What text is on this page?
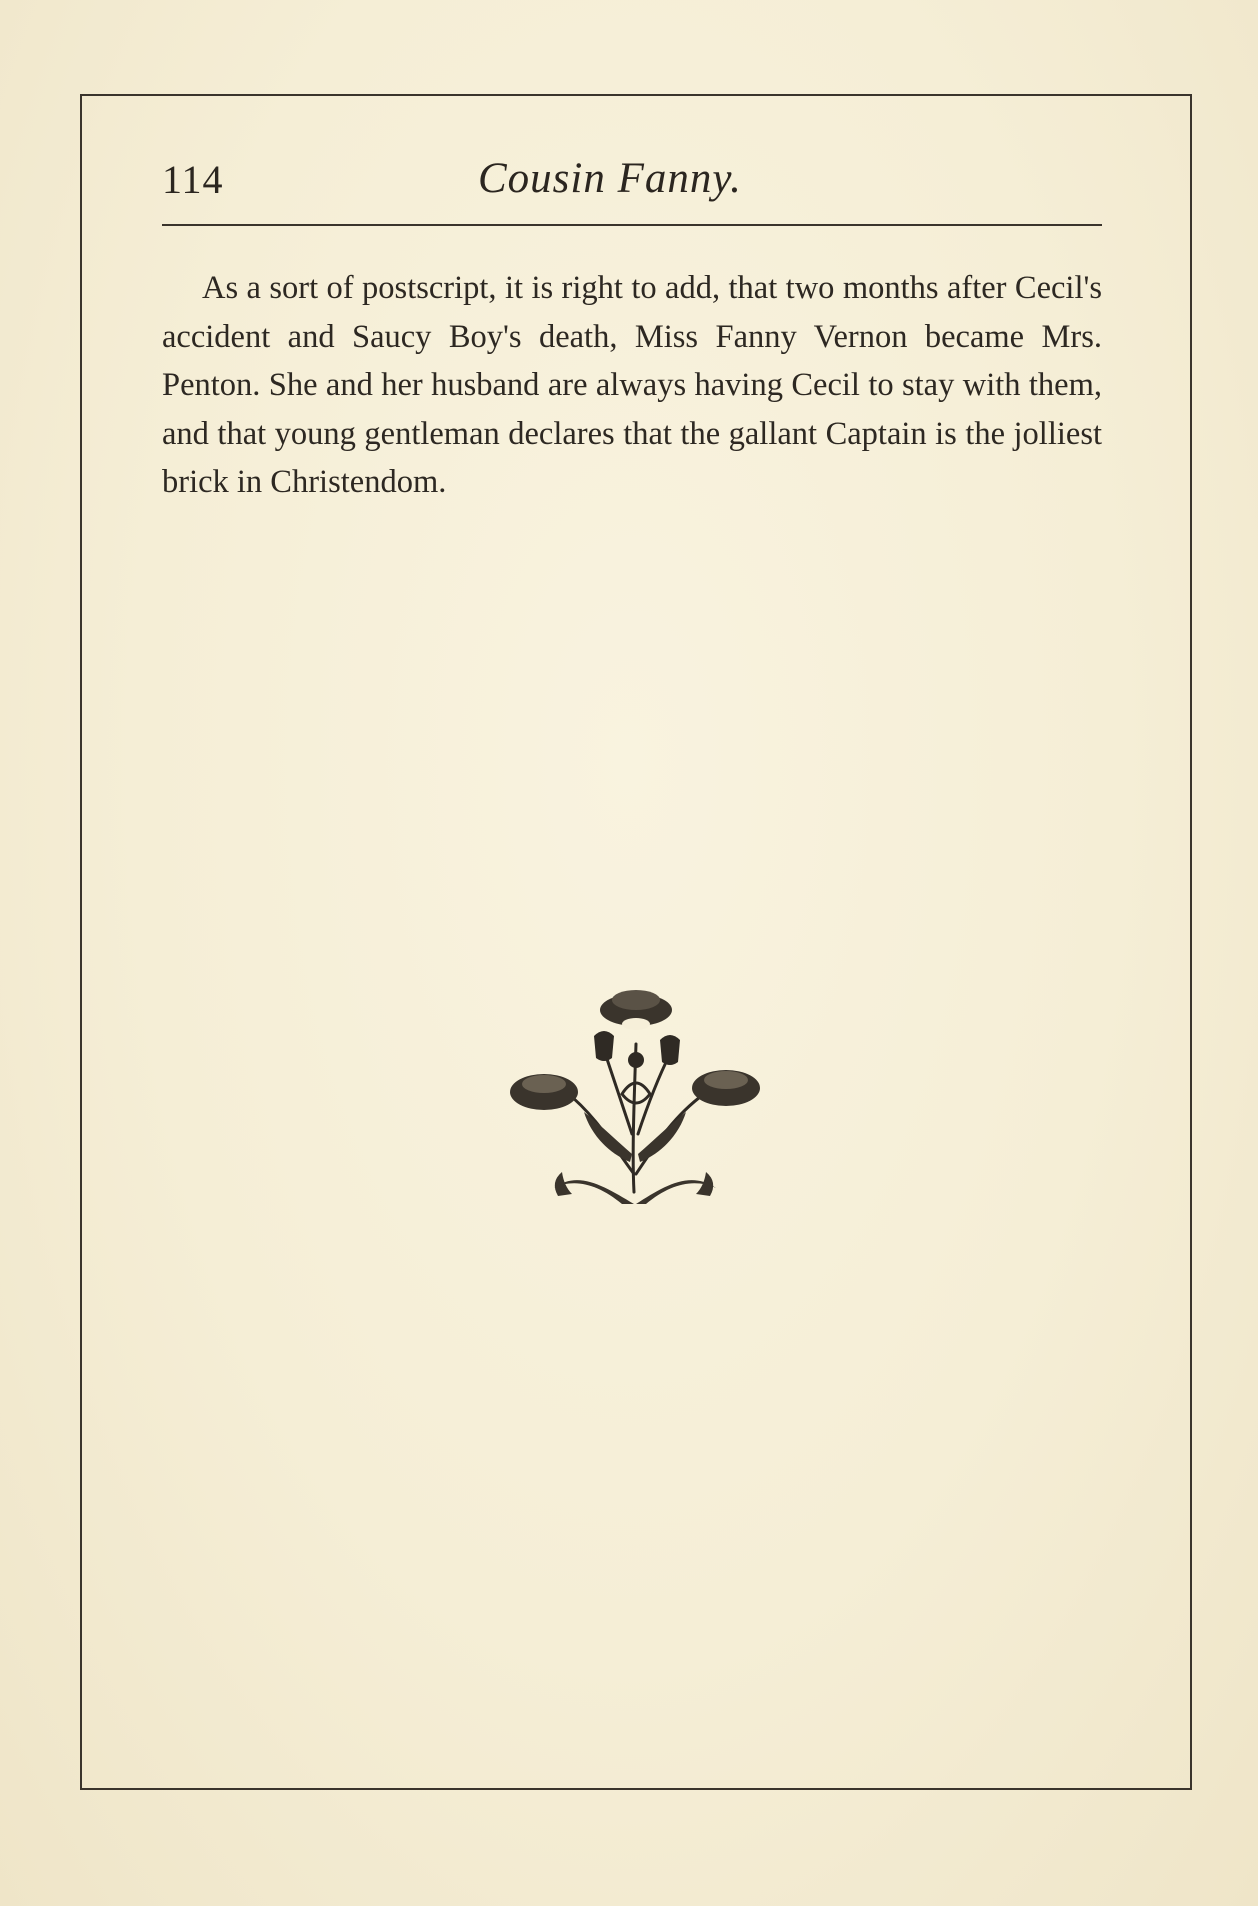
114	Cousin Fanny.

As a sort of postscript, it is right to add, that two months after Cecil's accident and Saucy Boy's death, Miss Fanny Vernon became Mrs. Penton. She and her husband are always having Cecil to stay with them, and that young gentleman declares that the gallant Captain is the jolliest brick in Christendom.
